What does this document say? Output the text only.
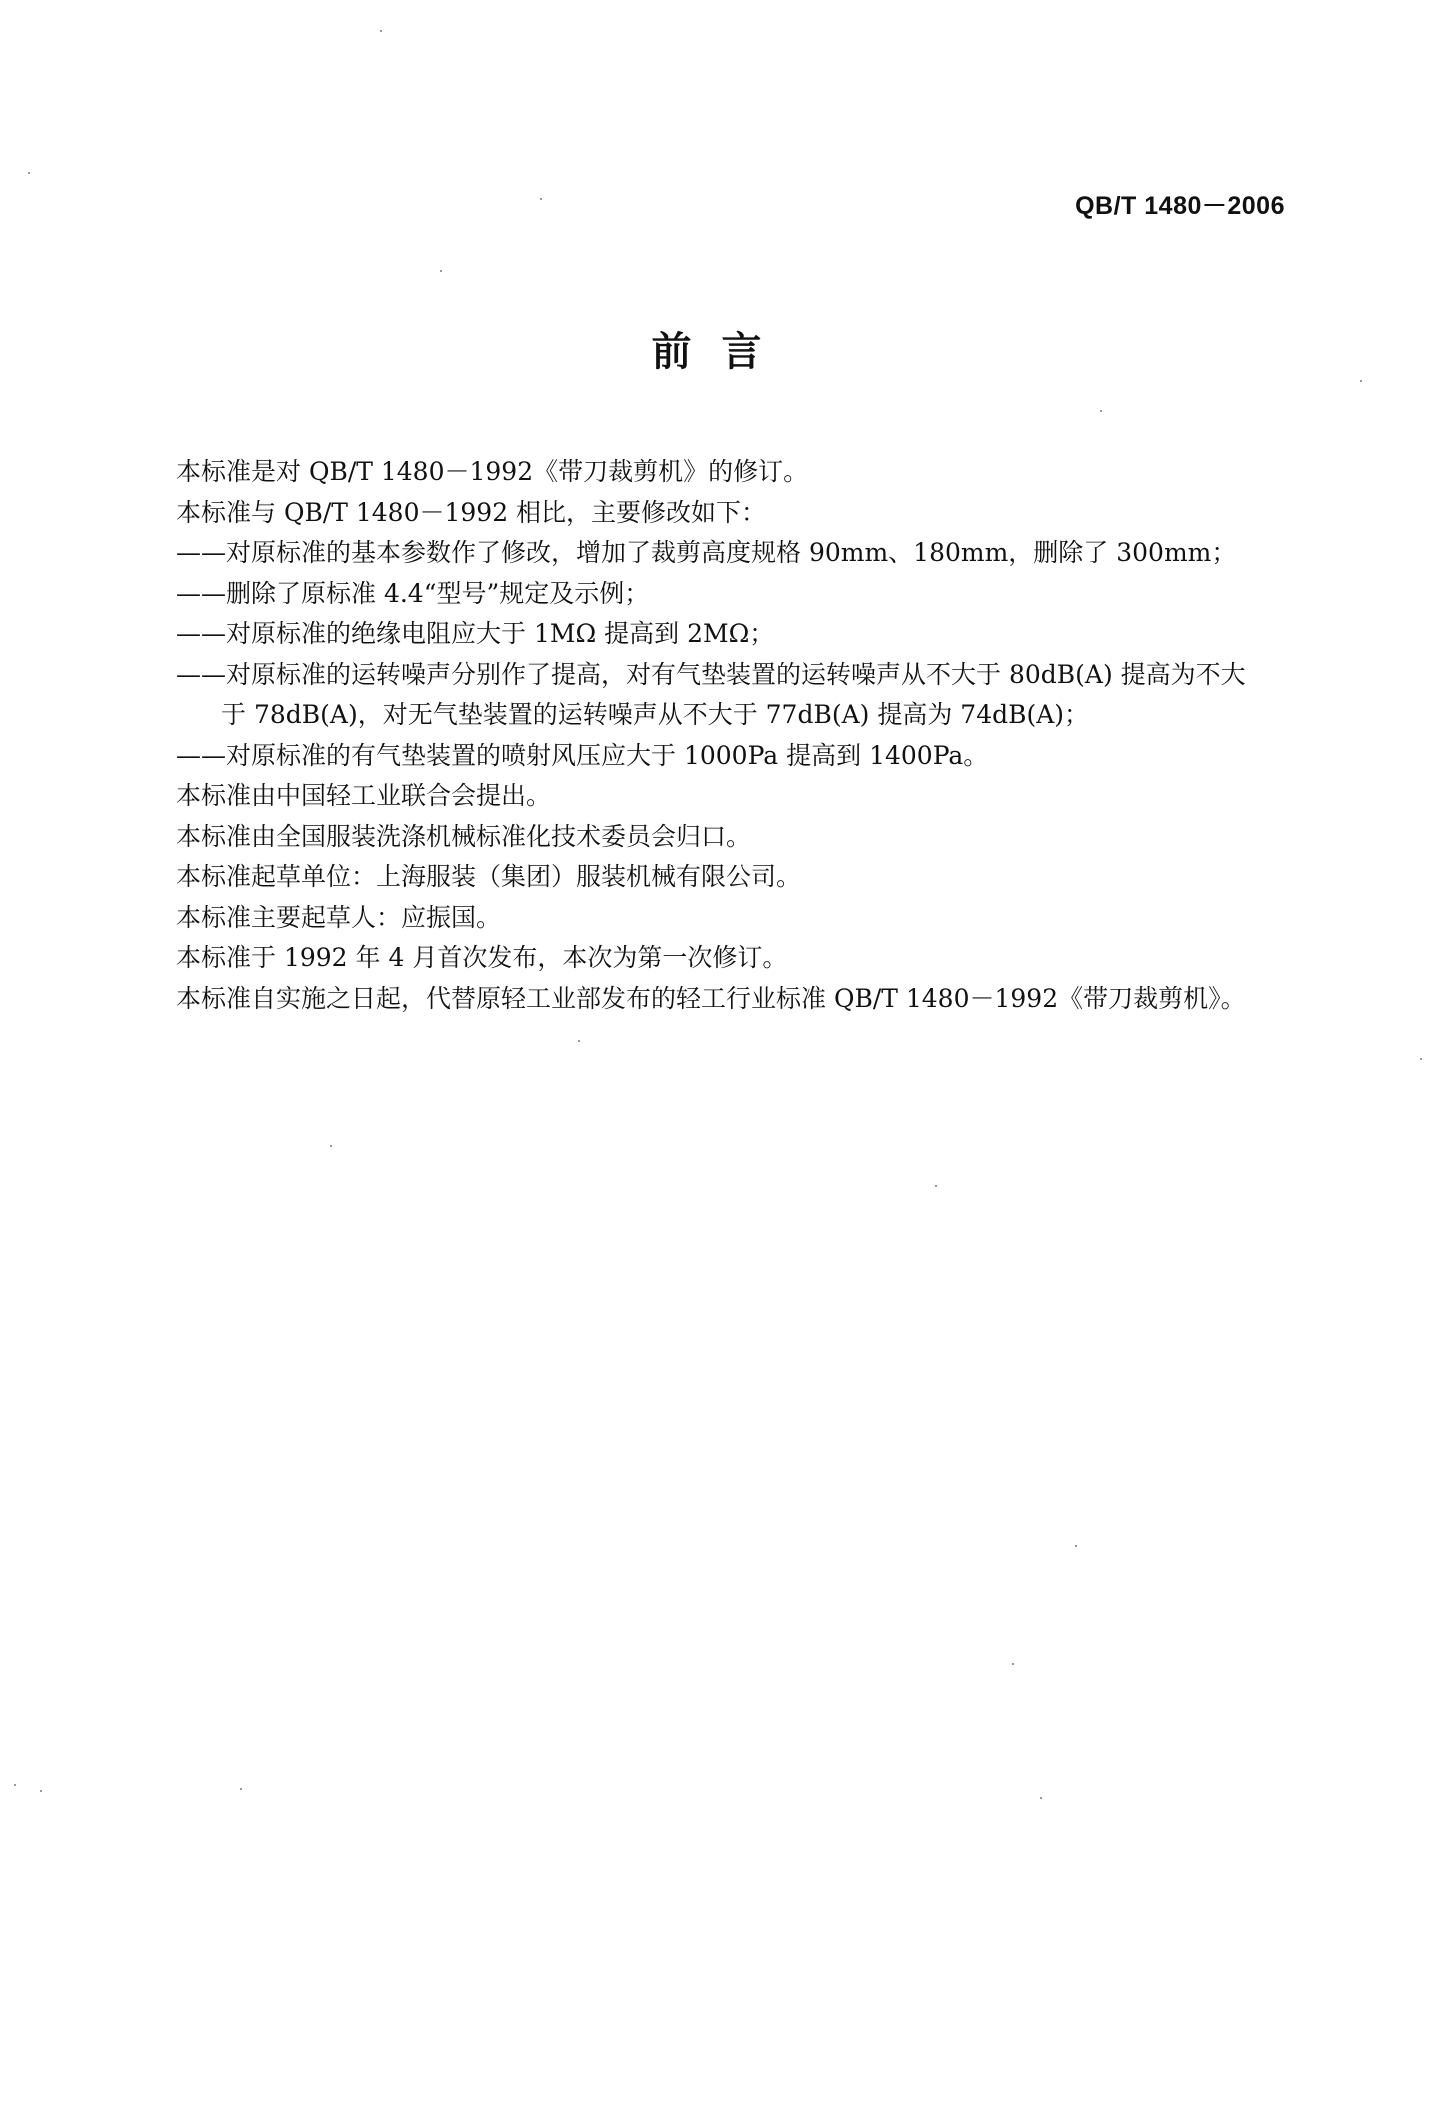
QB/T 1480－2006
前言
本标准是对 QB/T 1480－1992《带刀裁剪机》的修订。
本标准与 QB/T 1480－1992 相比，主要修改如下：
——对原标准的基本参数作了修改，增加了裁剪高度规格 90mm、180mm，删除了 300mm；
——删除了原标准 4.4“型号”规定及示例；
——对原标准的绝缘电阻应大于 1MΩ 提高到 2MΩ；
——对原标准的运转噪声分别作了提高，对有气垫装置的运转噪声从不大于 80dB(A) 提高为不大
于 78dB(A)，对无气垫装置的运转噪声从不大于 77dB(A) 提高为 74dB(A)；
——对原标准的有气垫装置的喷射风压应大于 1000Pa 提高到 1400Pa。
本标准由中国轻工业联合会提出。
本标准由全国服装洗涤机械标准化技术委员会归口。
本标准起草单位：上海服装（集团）服装机械有限公司。
本标准主要起草人：应振国。
本标准于 1992 年 4 月首次发布，本次为第一次修订。
本标准自实施之日起，代替原轻工业部发布的轻工行业标准 QB/T 1480－1992《带刀裁剪机》。
